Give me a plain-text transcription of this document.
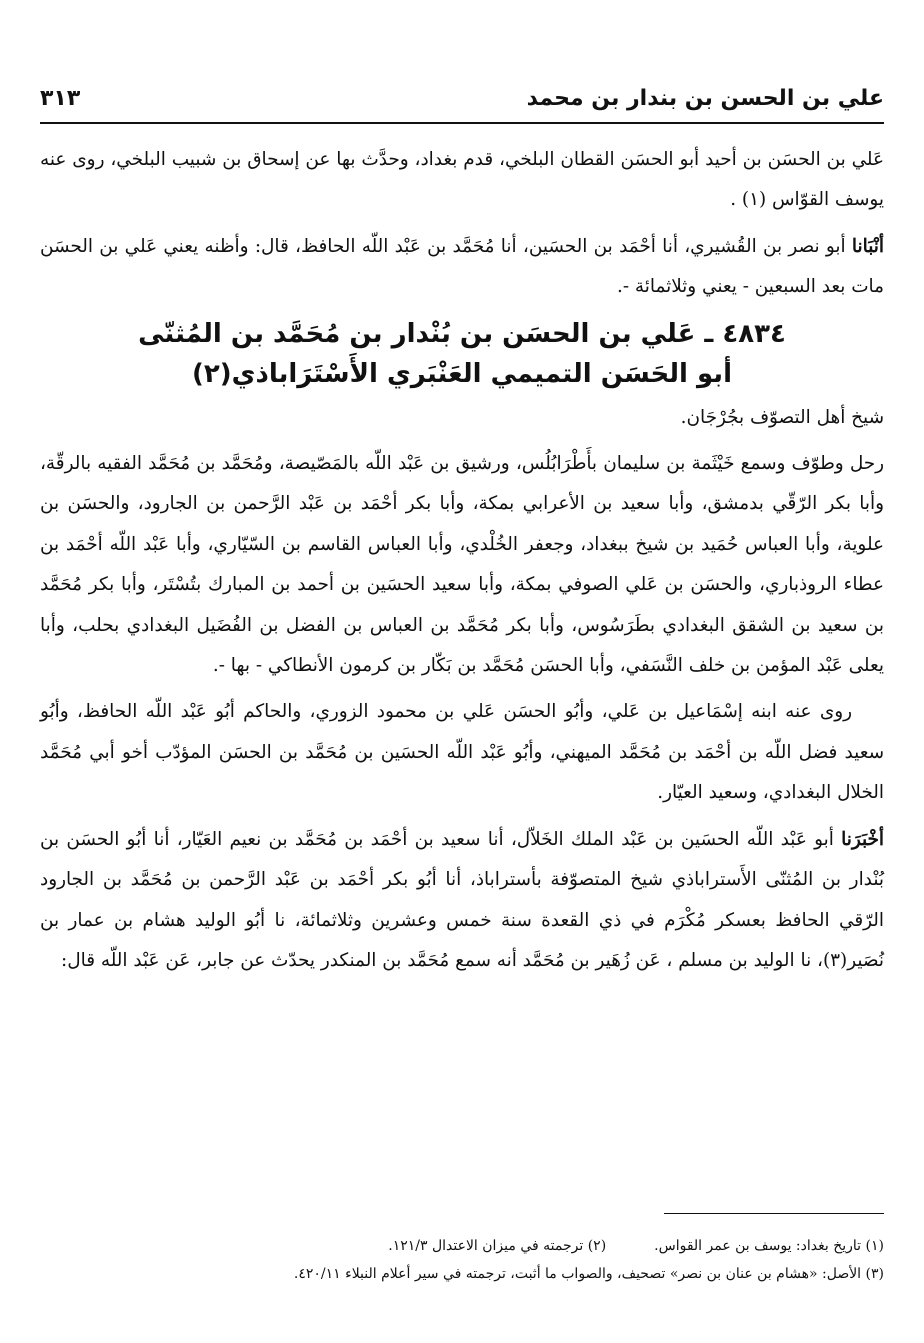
علي بن الحسن بن بندار بن محمد
٣١٣

عَلي بن الحسَن بن أحيد أبو الحسَن القطان البلخي، قدم بغداد، وحدَّث بها عن إسحاق بن شبيب البلخي، روى عنه يوسف القوّاس (١) .

أنْبَانا أبو نصر بن القُشيري، أنا أحْمَد بن الحسَين، أنا مُحَمَّد بن عَبْد اللّه الحافظ، قال: وأظنه يعني عَلي بن الحسَن مات بعد السبعين - يعني وثلاثمائة -.

٤٨٣٤ ـ عَلي بن الحسَن بن بُنْدار بن مُحَمَّد بن المُثنّى
أبو الحَسَن التميمي العَنْبَري الأَسْتَرَاباذي(٢)

شيخ أهل التصوّف بجُرْجَان.

رحل وطوّف وسمع خَيْثَمة بن سليمان بأَطْرَابُلُس، ورشيق بن عَبْد اللّه بالمَصّيصة، ومُحَمَّد بن مُحَمَّد الفقيه بالرقّة، وأبا بكر الرّقّي بدمشق، وأبا سعيد بن الأعرابي بمكة، وأبا بكر أحْمَد بن عَبْد الرَّحمن بن الجارود، والحسَن بن علوية، وأبا العباس حُمَيد بن شيخ ببغداد، وجعفر الخُلْدي، وأبا العباس القاسم بن السّيّاري، وأبا عَبْد اللّه أحْمَد بن عطاء الروذباري، والحسَن بن عَلي الصوفي بمكة، وأبا سعيد الحسَين بن أحمد بن المبارك بتُسْتَر، وأبا بكر مُحَمَّد بن سعيد بن الشقق البغدادي بطَرَسُوس، وأبا بكر مُحَمَّد بن العباس بن الفضل بن الفُضَيل البغدادي بحلب، وأبا يعلى عَبْد المؤمن بن خلف النَّسَفي، وأبا الحسَن مُحَمَّد بن بَكّار بن كرمون الأنطاكي - بها -.

روى عنه ابنه إسْمَاعيل بن عَلي، وأبُو الحسَن عَلي بن محمود الزوري، والحاكم أبُو عَبْد اللّه الحافظ، وأبُو سعيد فضل اللّه بن أحْمَد بن مُحَمَّد الميهني، وأبُو عَبْد اللّه الحسَين بن مُحَمَّد بن الحسَن المؤدّب أخو أبي مُحَمَّد الخلال البغدادي، وسعيد العيّار.

أخْبَرَنا أبو عَبْد اللّه الحسَين بن عَبْد الملك الخَلاّل، أنا سعيد بن أحْمَد بن مُحَمَّد بن نعيم العَيّار، أنا أبُو الحسَن بن بُنْدار بن المُثنّى الأَستراباذي شيخ المتصوّفة بأستراباذ، أنا أبُو بكر أحْمَد بن عَبْد الرَّحمن بن مُحَمَّد بن الجارود الرّقي الحافظ بعسكر مُكْرَم في ذي القعدة سنة خمس وعشرين وثلاثمائة، نا أبُو الوليد هشام بن عمار بن نُصَير(٣)، نا الوليد بن مسلم ، عَن زُهَير بن مُحَمَّد أنه سمع مُحَمَّد بن المنكدر يحدّث عن جابر، عَن عَبْد اللّه قال:

(١) تاريخ بغداد: يوسف بن عمر القواس.
(٢) ترجمته في ميزان الاعتدال ١٢١/٣.
(٣) الأصل: «هشام بن عنان بن نصر» تصحيف، والصواب ما أثبت، ترجمته في سير أعلام النبلاء ٤٢٠/١١.
